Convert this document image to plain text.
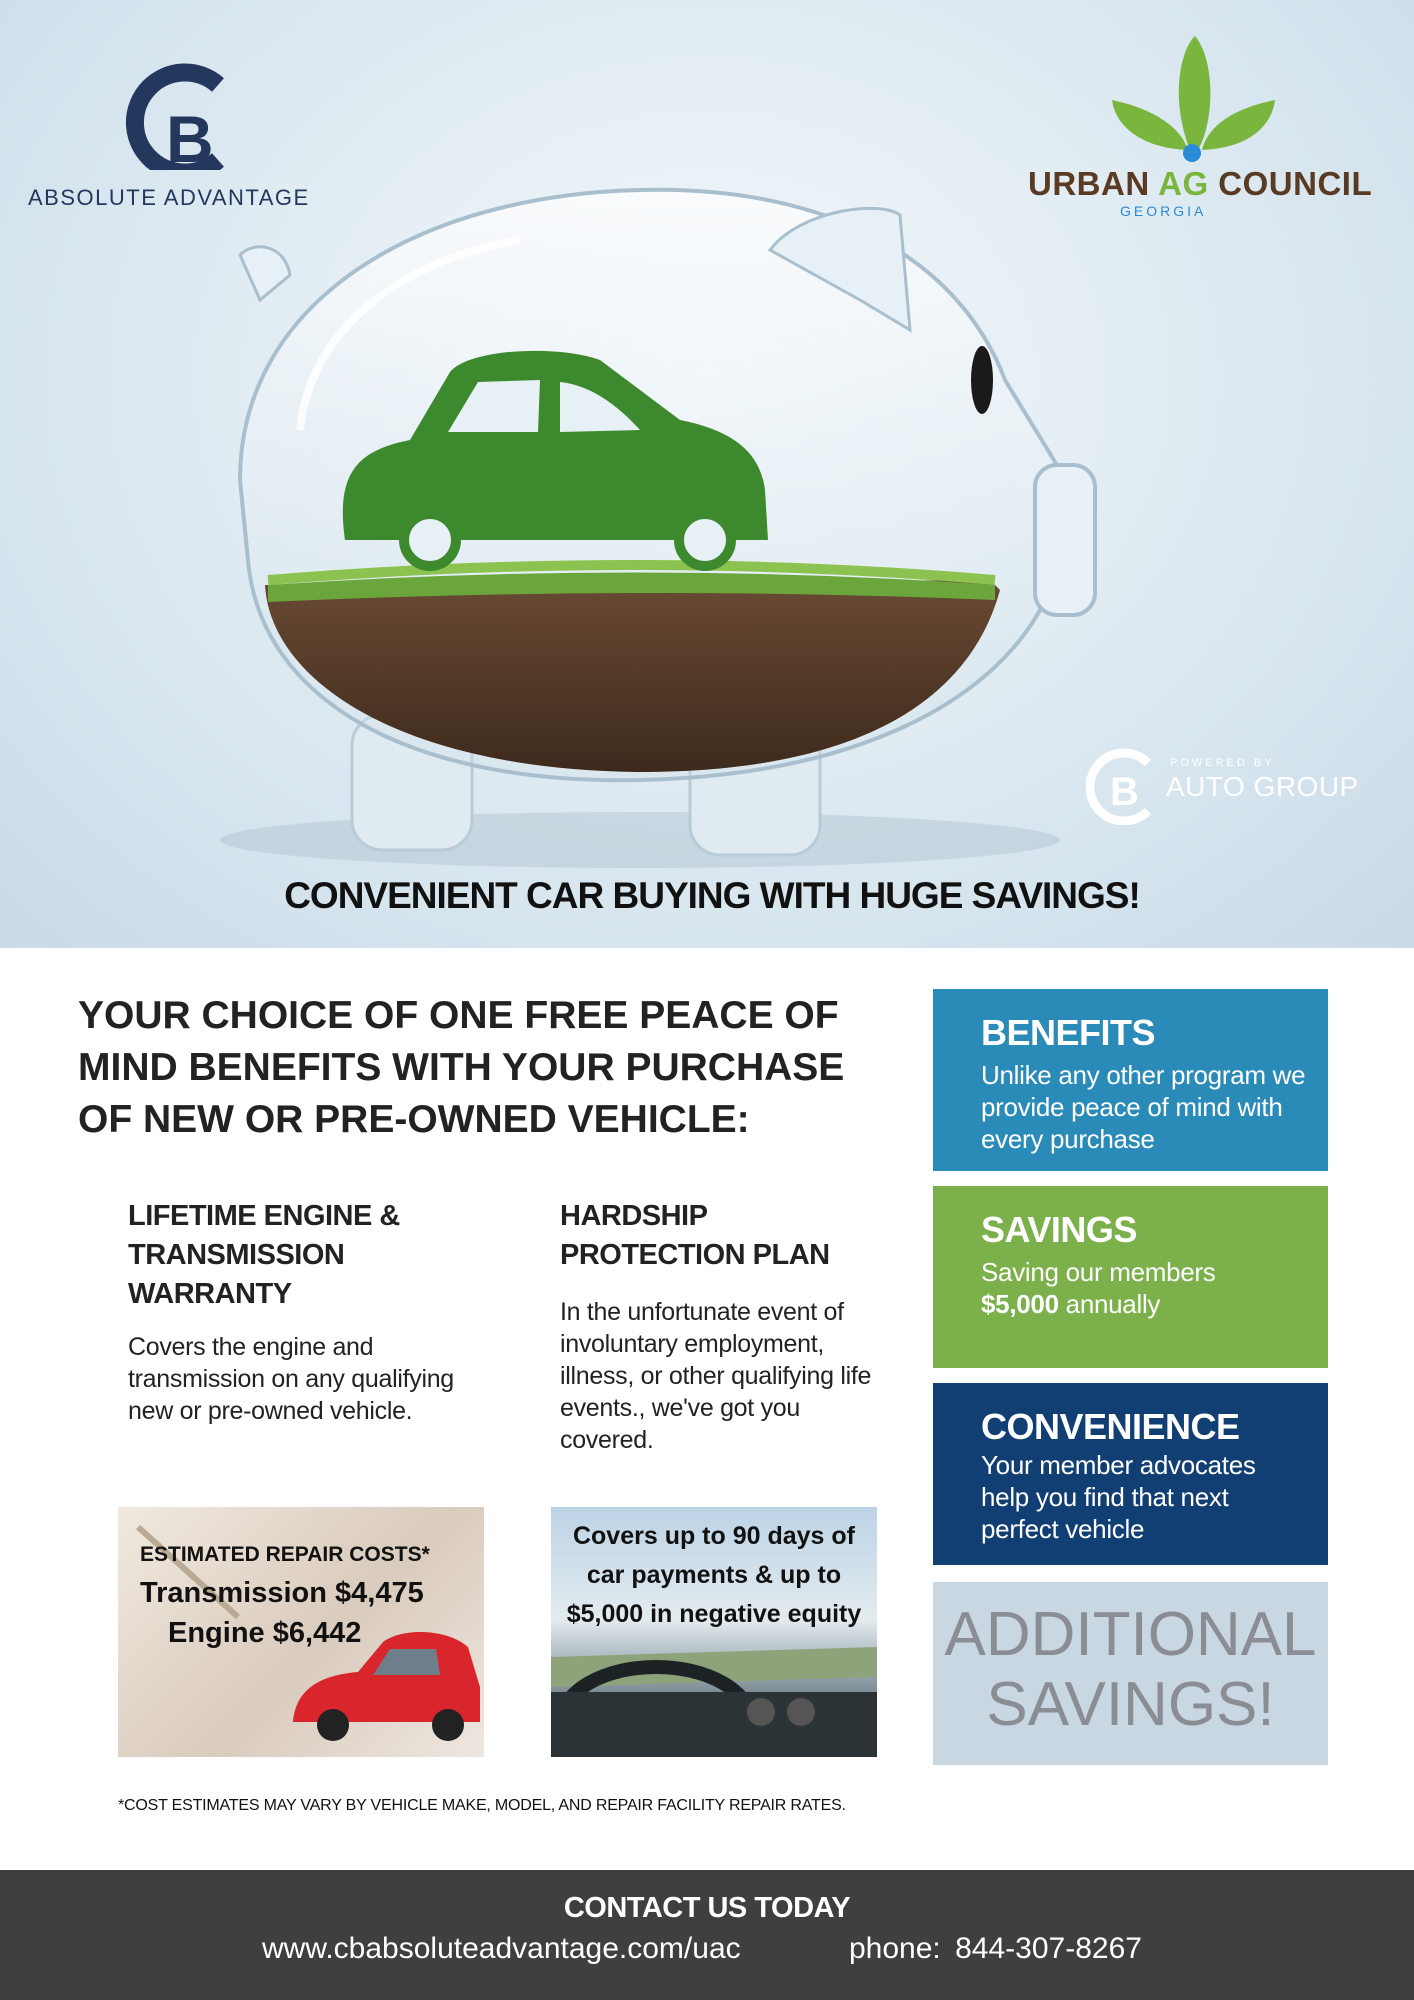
B
ABSOLUTE ADVANTAGE	URBAN AG COUNCIL
GEORGIA
B
POWERED BY
AUTO GROUP
CONVENIENT CAR BUYING WITH HUGE SAVINGS!
YOUR CHOICE OF ONE FREE PEACE OF MIND BENEFITS WITH YOUR PURCHASE OF NEW OR PRE-OWNED VEHICLE:
LIFETIME ENGINE & TRANSMISSION WARRANTY
Covers the engine and transmission on any qualifying new or pre-owned vehicle.
ESTIMATED REPAIR COSTS*
Transmission $4,475
Engine $6,442
HARDSHIP PROTECTION PLAN
In the unfortunate event of involuntary employment, illness, or other qualifying life events., we've got you covered.
Covers up to 90 days of car payments & up to $5,000 in negative equity
*COST ESTIMATES MAY VARY BY VEHICLE MAKE, MODEL, AND REPAIR FACILITY REPAIR RATES.
BENEFITS
Unlike any other program we provide peace of mind with every purchase
SAVINGS
Saving our members
$5,000 annually
CONVENIENCE
Your member advocates help you find that next perfect vehicle
ADDITIONAL
SAVINGS!
CONTACT US TODAY
www.cbabsoluteadvantage.com/uac	phone: 844-307-8267
